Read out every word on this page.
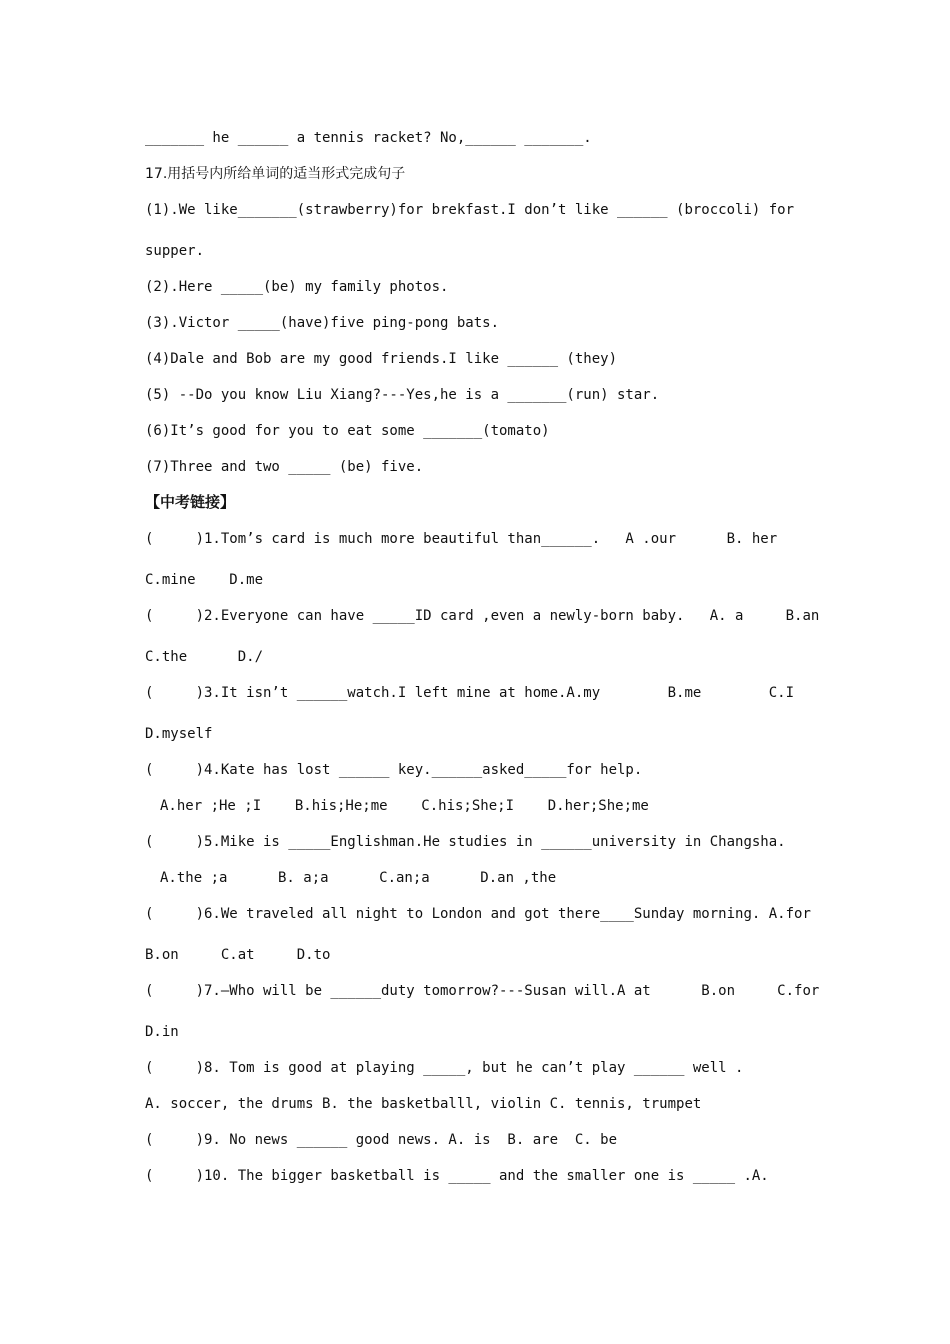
_______ he ______ a tennis racket? No,______ _______.

17.用括号内所给单词的适当形式完成句子

(1).We like_______(strawberry)for brekfast.I don’t like ______ (broccoli) for

supper.

(2).Here _____(be) my family photos.

(3).Victor _____(have)five ping-pong bats.

(4)Dale and Bob are my good friends.I like ______ (they)

(5) --Do you know Liu Xiang?---Yes,he is a _______(run) star.

(6)It’s good for you to eat some _______(tomato)

(7)Three and two _____ (be) five.

【中考链接】

(     )1.Tom’s card is much more beautiful than______.   A .our      B. her

C.mine    D.me

(     )2.Everyone can have _____ID card ,even a newly-born baby.   A. a     B.an

C.the      D./

(     )3.It isn’t ______watch.I left mine at home.A.my        B.me        C.I

D.myself

(     )4.Kate has lost ______ key.______asked_____for help.

A.her ;He ;I    B.his;He;me    C.his;She;I    D.her;She;me

(     )5.Mike is _____Englishman.He studies in ______university in Changsha.

A.the ;a      B. a;a      C.an;a      D.an ,the

(     )6.We traveled all night to London and got there____Sunday morning. A.for

B.on     C.at     D.to

(     )7.—Who will be ______duty tomorrow?---Susan will.A at      B.on     C.for

D.in

(     )8. Tom is good at playing _____, but he can’t play ______ well .

A. soccer, the drums B. the basketballl, violin C. tennis, trumpet

(     )9. No news ______ good news. A. is  B. are  C. be

(     )10. The bigger basketball is _____ and the smaller one is _____ .A.
